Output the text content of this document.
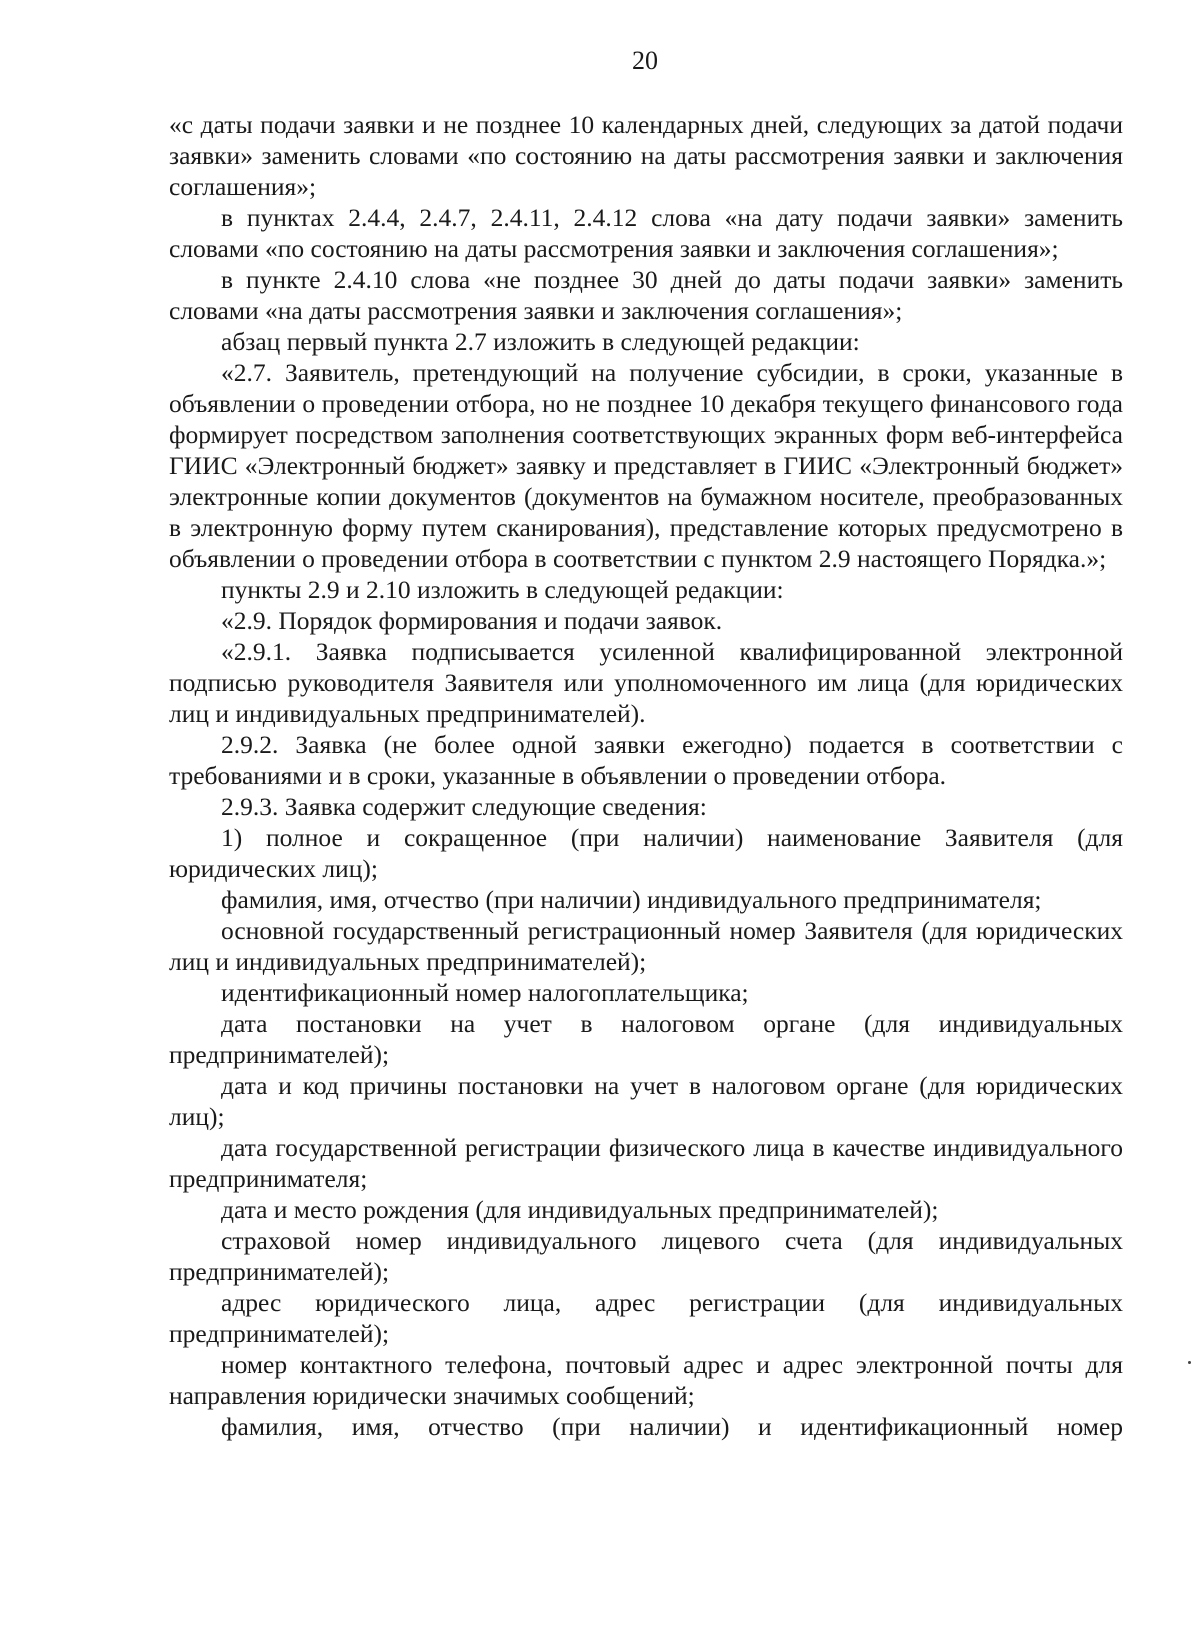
20

«с даты подачи заявки и не позднее 10 календарных дней, следующих за датой подачи заявки» заменить словами «по состоянию на даты рассмотрения заявки и заключения соглашения»;

в пунктах 2.4.4, 2.4.7, 2.4.11, 2.4.12 слова «на дату подачи заявки» заменить словами «по состоянию на даты рассмотрения заявки и заключения соглашения»;

в пункте 2.4.10 слова «не позднее 30 дней до даты подачи заявки» заменить словами «на даты рассмотрения заявки и заключения соглашения»;

абзац первый пункта 2.7 изложить в следующей редакции:

«2.7. Заявитель, претендующий на получение субсидии, в сроки, указанные в объявлении о проведении отбора, но не позднее 10 декабря текущего финансового года формирует посредством заполнения соответствующих экранных форм веб-интерфейса ГИИС «Электронный бюджет» заявку и представляет в ГИИС «Электронный бюджет» электронные копии документов (документов на бумажном носителе, преобразованных в электронную форму путем сканирования), представление которых предусмотрено в объявлении о проведении отбора в соответствии с пунктом 2.9 настоящего Порядка.»;

пункты 2.9 и 2.10 изложить в следующей редакции:

«2.9. Порядок формирования и подачи заявок.

«2.9.1. Заявка подписывается усиленной квалифицированной электронной подписью руководителя Заявителя или уполномоченного им лица (для юридических лиц и индивидуальных предпринимателей).

2.9.2. Заявка (не более одной заявки ежегодно) подается в соответствии с требованиями и в сроки, указанные в объявлении о проведении отбора.

2.9.3. Заявка содержит следующие сведения:

1) полное и сокращенное (при наличии) наименование Заявителя (для юридических лиц);

фамилия, имя, отчество (при наличии) индивидуального предпринимателя;

основной государственный регистрационный номер Заявителя (для юридических лиц и индивидуальных предпринимателей);

идентификационный номер налогоплательщика;

дата постановки на учет в налоговом органе (для индивидуальных предпринимателей);

дата и код причины постановки на учет в налоговом органе (для юридических лиц);

дата государственной регистрации физического лица в качестве индивидуального предпринимателя;

дата и место рождения (для индивидуальных предпринимателей);

страховой номер индивидуального лицевого счета (для индивидуальных предпринимателей);

адрес юридического лица, адрес регистрации (для индивидуальных предпринимателей);

номер контактного телефона, почтовый адрес и адрес электронной почты для направления юридически значимых сообщений;

фамилия, имя, отчество (при наличии) и идентификационный номер
